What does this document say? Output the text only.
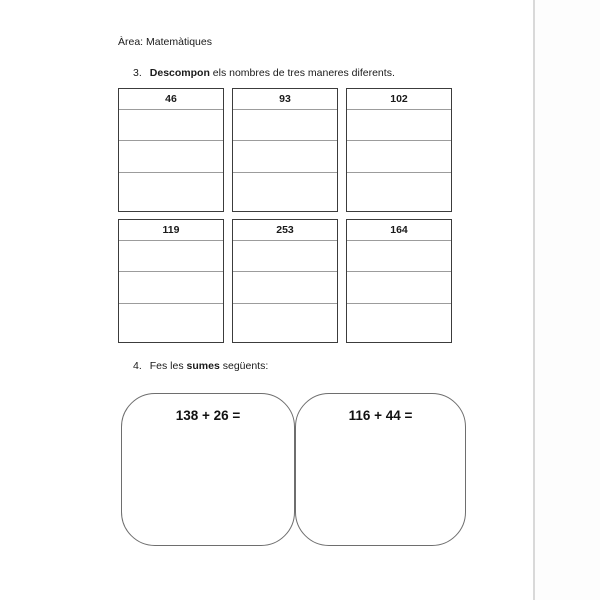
Àrea: Matemàtiques
3. Descompon els nombres de tres maneres diferents.
46	93	102
119	253	164
4. Fes les sumes següents:
138 + 26 =	116 + 44 =
